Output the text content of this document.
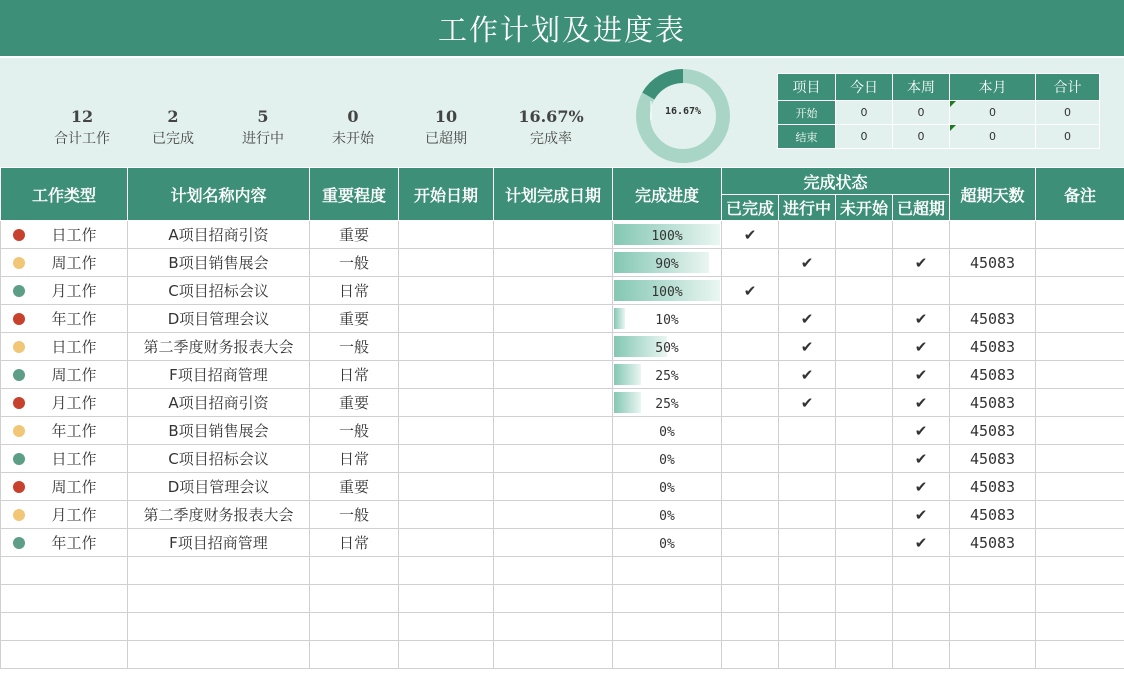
工作计划及进度表
12
合计工作
2
已完成
5
进行中
0
未开始
10
已超期
16.67%
完成率
16.67%
项目	今日	本周	本月	合计
开始	0	0	0	0
结束	0	0	0	0
工作类型	计划名称内容	重要程度	开始日期	计划完成日期	完成进度	完成状态				超期天数	备注
						已完成	进行中	未开始	已超期		

日工作	A项目招商引资	重要			100%	✔					

周工作	B项目销售展会	一般			90%		✔		✔	45083	

月工作	C项目招标会议	日常			100%	✔					

年工作	D项目管理会议	重要			10%		✔		✔	45083	

日工作	第二季度财务报表大会	一般			50%		✔		✔	45083	

周工作	F项目招商管理	日常			25%		✔		✔	45083	

月工作	A项目招商引资	重要			25%		✔		✔	45083	

年工作	B项目销售展会	一般			0%				✔	45083	

日工作	C项目招标会议	日常			0%				✔	45083	

周工作	D项目管理会议	重要			0%				✔	45083	

月工作	第二季度财务报表大会	一般			0%				✔	45083	

年工作	F项目招商管理	日常			0%				✔	45083	
